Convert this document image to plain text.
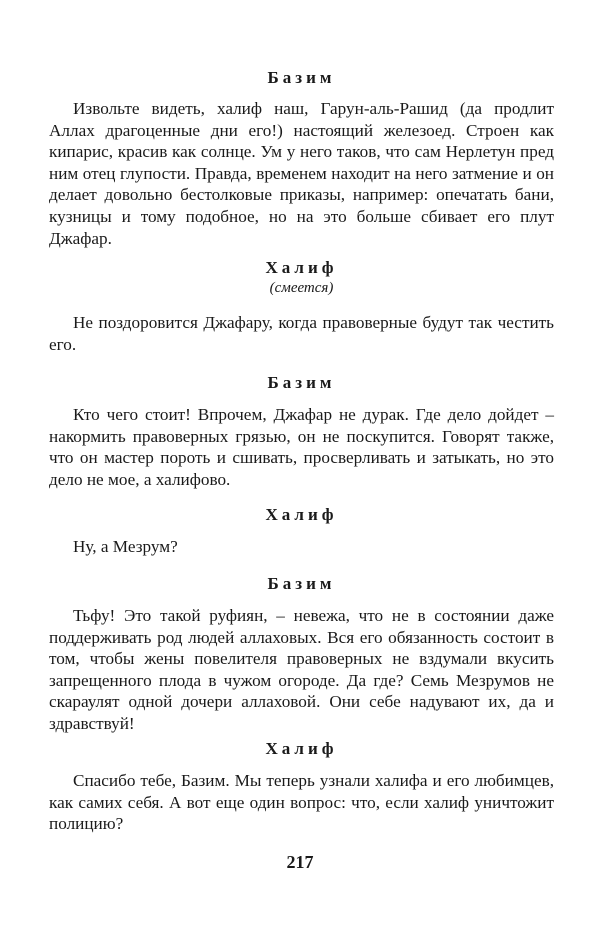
Базим

Извольте видеть, халиф наш, Гарун-аль-Рашид (да продлит Аллах драгоценные дни его!) настоящий железоед. Строен как кипарис, красив как солнце. Ум у него таков, что сам Нерлетун пред ним отец глупости. Правда, временем находит на него затмение и он делает довольно бестолковые приказы, например: опечатать бани, кузницы и тому подобное, но на это больше сбивает его плут Джафар.

Халиф

(смеется)

Не поздоровится Джафару, когда правоверные будут так честить его.

Базим

Кто чего стоит! Впрочем, Джафар не дурак. Где дело дойдет – накормить правоверных грязью, он не поскупится. Говорят также, что он мастер пороть и сшивать, просверливать и затыкать, но это дело не мое, а халифово.

Халиф

Ну, а Мезрум?

Базим

Тьфу! Это такой руфиян, – невежа, что не в состоянии даже поддерживать род людей аллаховых. Вся его обязанность состоит в том, чтобы жены повелителя правоверных не вздумали вкусить запрещенного плода в чужом огороде. Да где? Семь Мезрумов не скараулят одной дочери аллаховой. Они себе надувают их, да и здравствуй!

Халиф

Спасибо тебе, Базим. Мы теперь узнали халифа и его любимцев, как самих себя. А вот еще один вопрос: что, если халиф уничтожит полицию?

217
